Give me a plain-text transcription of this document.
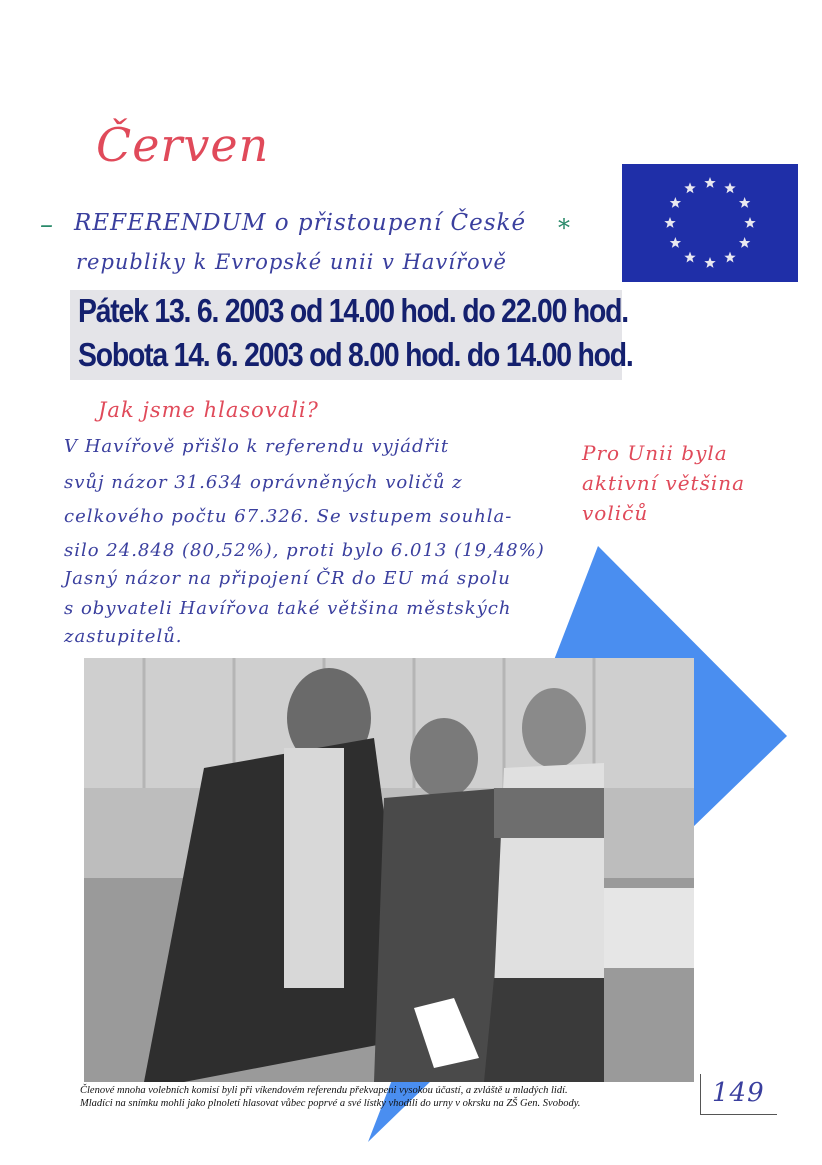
Červen
– REFERENDUM o přistoupení České *
republiky k Evropské unii v Havířově
Pátek 13. 6. 2003 od 14.00 hod. do 22.00 hod.
Sobota 14. 6. 2003 od 8.00 hod. do 14.00 hod.
Jak jsme hlasovali?
V Havířově přišlo k referendu vyjádřit
svůj názor 31.634 oprávněných voličů z
celkového počtu 67.326. Se vstupem souhla-
silo 24.848 (80,52%), proti bylo 6.013 (19,48%)
Jasný názor na připojení ČR do EU má spolu
s obyvateli Havířova také většina městských
zastupitelů.
Pro Unii byla
aktivní většina
voličů
Členové mnoha volebních komisí byli při víkendovém referendu překvapeni vysokou účastí, a zvláště u mladých lidí.
Mladíci na snímku mohli jako plnoletí hlasovat vůbec poprvé a své lístky vhodili do urny v okrsku na ZŠ Gen. Svobody.	149
